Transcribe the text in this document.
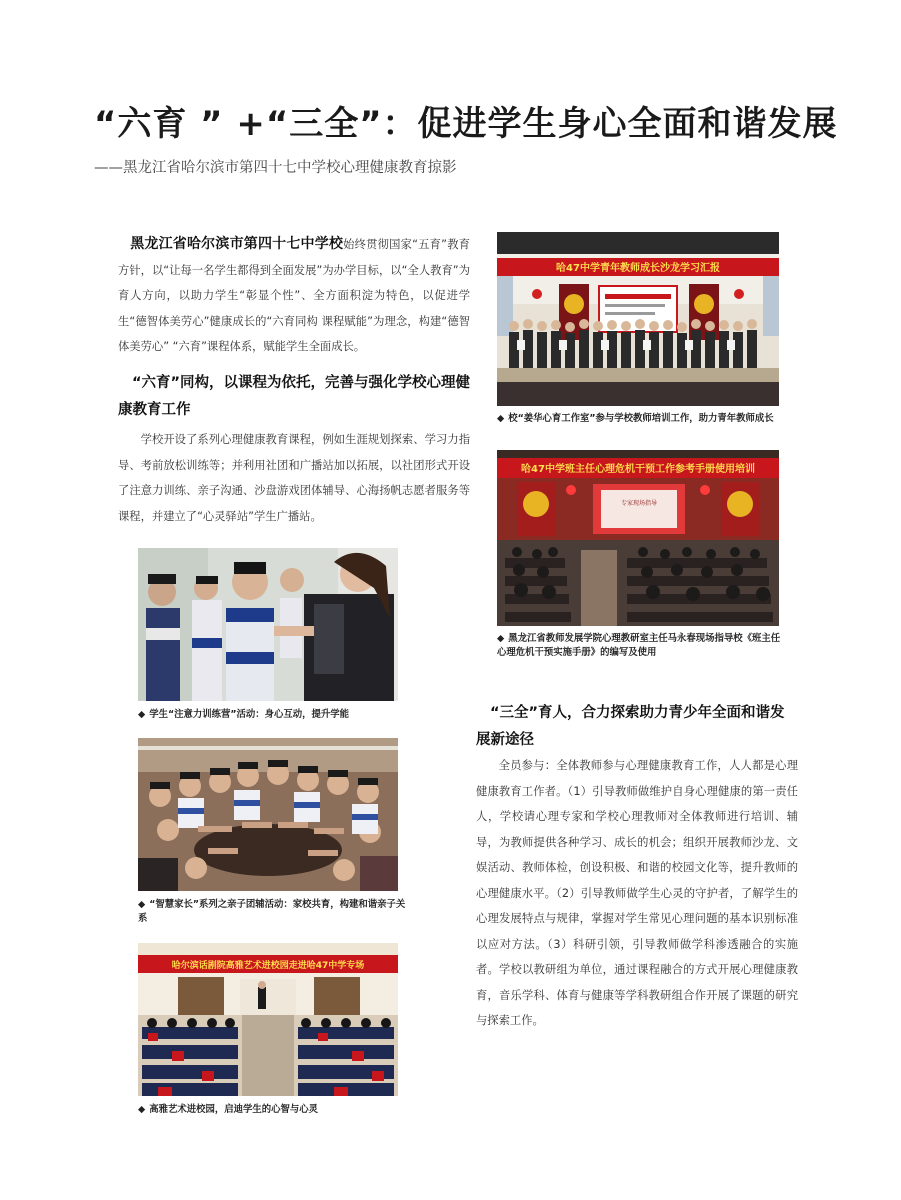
“六育 ” +“三全”：促进学生身心全面和谐发展
——黑龙江省哈尔滨市第四十七中学校心理健康教育掠影
黑龙江省哈尔滨市第四十七中学校始终贯彻国家“五育”教育方针，以“让每一名学生都得到全面发展”为办学目标，以“全人教育”为育人方向，以助力学生“彰显个性”、全方面积淀为特色，以促进学生“德智体美劳心”健康成长的“六育同构 课程赋能”为理念，构建“德智体美劳心” “六育”课程体系，赋能学生全面成长。
“六育”同构，以课程为依托，完善与强化学校心理健康教育工作
学校开设了系列心理健康教育课程，例如生涯规划探索、学习力指导、考前放松训练等；并利用社团和广播站加以拓展，以社团形式开设了注意力训练、亲子沟通、沙盘游戏团体辅导、心海扬帆志愿者服务等课程，并建立了“心灵驿站”学生广播站。
“三全”育人，合力探索助力青少年全面和谐发展新途径
全员参与：全体教师参与心理健康教育工作，人人都是心理健康教育工作者。（1）引导教师做维护自身心理健康的第一责任人，学校请心理专家和学校心理教师对全体教师进行培训、辅导，为教师提供各种学习、成长的机会；组织开展教师沙龙、文娱活动、教师体检，创设积极、和谐的校园文化等，提升教师的心理健康水平。（2）引导教师做学生心灵的守护者，了解学生的心理发展特点与规律，掌握对学生常见心理问题的基本识别标准以应对方法。（3）科研引领，引导教师做学科渗透融合的实施者。学校以教研组为单位，通过课程融合的方式开展心理健康教育，音乐学科、体育与健康等学科教研组合作开展了课题的研究与探索工作。
哈47中学青年教师成长沙龙学习汇报
◆ 校“姜华心育工作室”参与学校教师培训工作，助力青年教师成长
哈47中学班主任心理危机干预工作参考手册使用培训
专家现场指导
◆ 黑龙江省教师发展学院心理教研室主任马永春现场指导校《班主任心理危机干预实施手册》的编写及使用
◆ 学生“注意力训练营”活动：身心互动，提升学能
◆ “智慧家长”系列之亲子团辅活动：家校共育，构建和谐亲子关系
哈尔滨话剧院高雅艺术进校园走进哈47中学专场
◆ 高雅艺术进校园，启迪学生的心智与心灵
